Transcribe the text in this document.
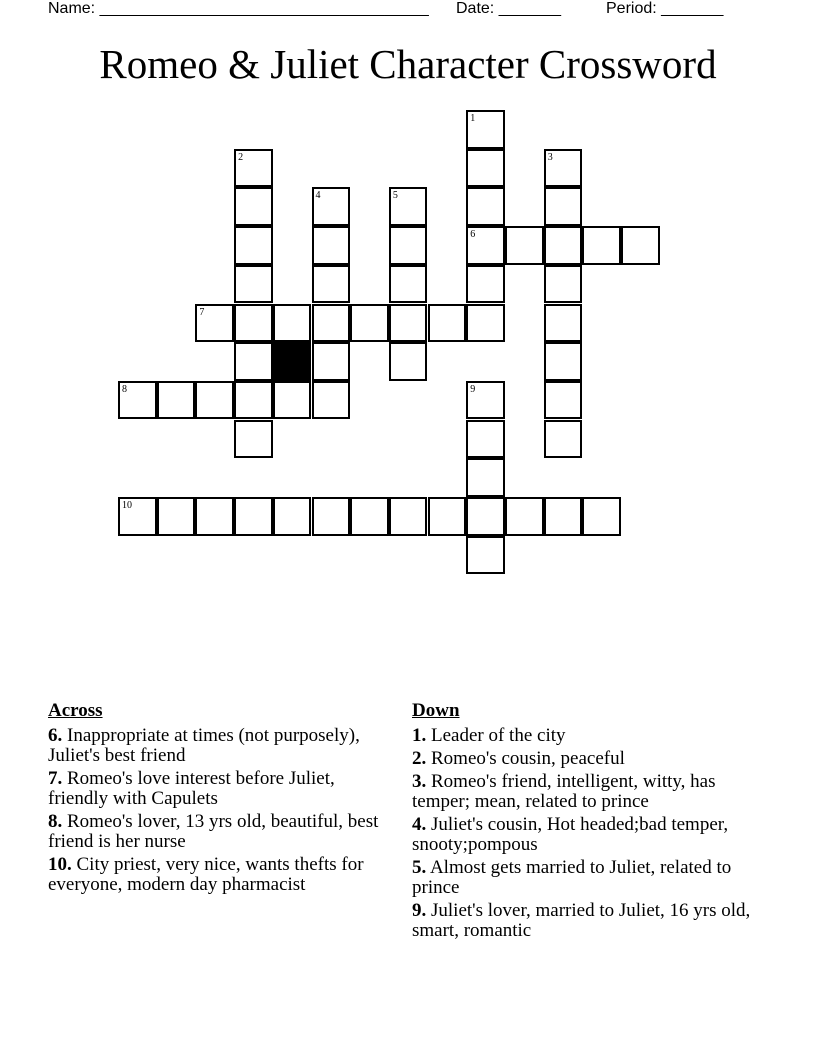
Name: _____________________________________ Date: _______	Period: _______
Romeo & Juliet Character Crossword
1
6
2	3
4	5
7
8	9
10
Across
6. Inappropriate at times (not purposely), Juliet's best friend
7. Romeo's love interest before Juliet, friendly with Capulets
8. Romeo's lover, 13 yrs old, beautiful, best friend is her nurse
10. City priest, very nice, wants thefts for everyone, modern day pharmacist
Down
1. Leader of the city
2. Romeo's cousin, peaceful
3. Romeo's friend, intelligent, witty, has temper; mean, related to prince
4. Juliet's cousin, Hot headed;bad temper, snooty;pompous
5. Almost gets married to Juliet, related to prince
9. Juliet's lover, married to Juliet, 16 yrs old, smart, romantic
